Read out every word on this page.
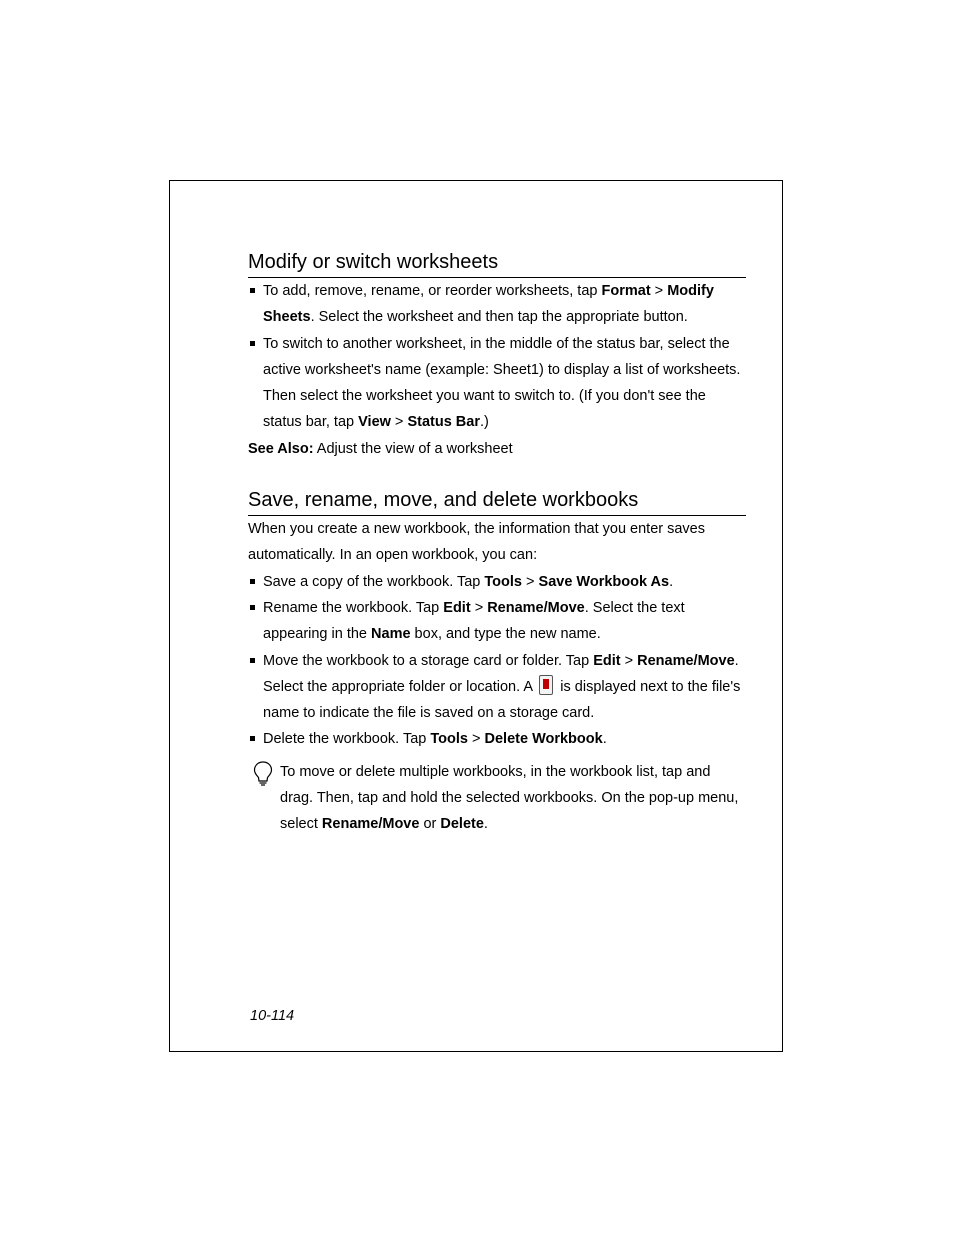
Modify or switch worksheets
To add, remove, rename, or reorder worksheets, tap Format > Modify Sheets. Select the worksheet and then tap the appropriate button.
To switch to another worksheet, in the middle of the status bar, select the active worksheet's name (example: Sheet1) to display a list of worksheets. Then select the worksheet you want to switch to. (If you don't see the status bar, tap View > Status Bar.)
See Also: Adjust the view of a worksheet
Save, rename, move, and delete workbooks
When you create a new workbook, the information that you enter saves automatically. In an open workbook, you can:
Save a copy of the workbook. Tap Tools > Save Workbook As.
Rename the workbook. Tap Edit > Rename/Move. Select the text appearing in the Name box, and type the new name.
Move the workbook to a storage card or folder. Tap Edit > Rename/Move. Select the appropriate folder or location. A  is displayed next to the file's name to indicate the file is saved on a storage card.
Delete the workbook. Tap Tools > Delete Workbook.
To move or delete multiple workbooks, in the workbook list, tap and drag. Then, tap and hold the selected workbooks. On the pop-up menu, select Rename/Move or Delete.
10-114
